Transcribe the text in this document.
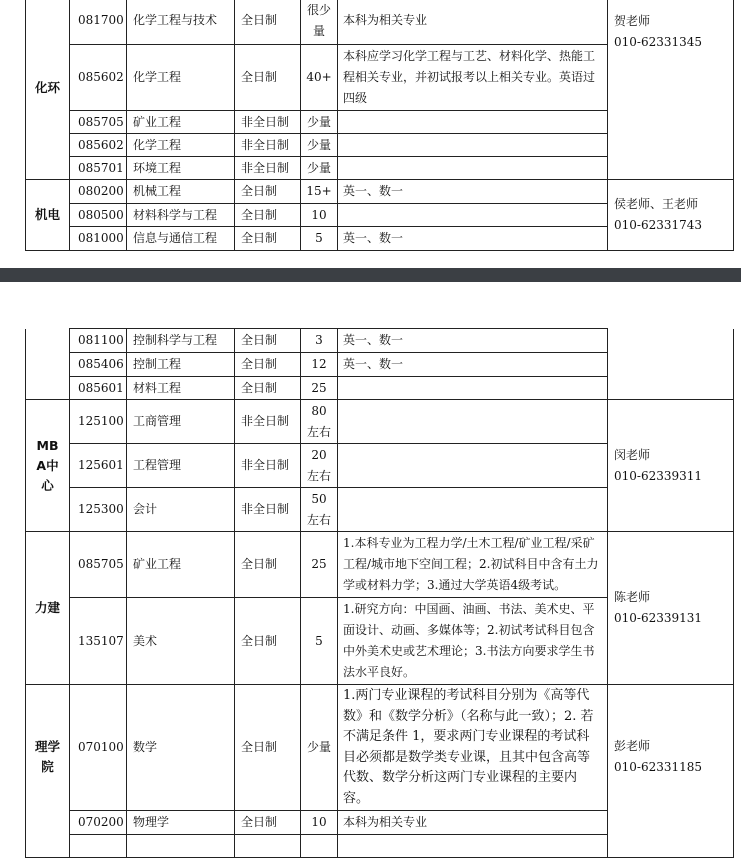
化环	081700	化学工程与技术	全日制	很少量	本科为相关专业	贺老师
010-62331345

	085602	化学工程	全日制	40+	本科应学习化学工程与工艺、材料化学、热能工程相关专业，并初试报考以上相关专业。英语过四级	
	085705	矿业工程	非全日制	少量		
	085602	化学工程	非全日制	少量		
	085701	环境工程	非全日制	少量		
机电	080200	机械工程	全日制	15+	英一、数一	侯老师、王老师
010-62331743

	080500	材料科学与工程	全日制	10		
	081000	信息与通信工程	全日制	5	英一、数一	
	081100	控制科学与工程	全日制	3	英一、数一	
	085406	控制工程	全日制	12	英一、数一	
	085601	材料工程	全日制	25		
MBA中心	125100	工商管理	非全日制	80左右		闵老师
010-62339311

	125601	工程管理	非全日制	20左右		
	125300	会计	非全日制	50左右		
力建	085705	矿业工程	全日制	25	1.本科专业为工程力学/土木工程/矿业工程/采矿工程/城市地下空间工程；2.初试科目中含有土力学或材料力学；3.通过大学英语4级考试。	陈老师
010-62339131

	135107	美术	全日制	5	1.研究方向：中国画、油画、书法、美术史、平面设计、动画、多媒体等；2.初试考试科目包含中外美术史或艺术理论；3.书法方向要求学生书法水平良好。	
理学院	070100	数学	全日制	少量	1.两门专业课程的考试科目分别为《高等代数》和《数学分析》（名称与此一致）；2. 若不满足条件 1，要求两门专业课程的考试科目必须都是数学类专业课，且其中包含高等代数、数学分析这两门专业课程的主要内容。	彭老师
010-62331185

	070200	物理学	全日制	10	本科为相关专业	
